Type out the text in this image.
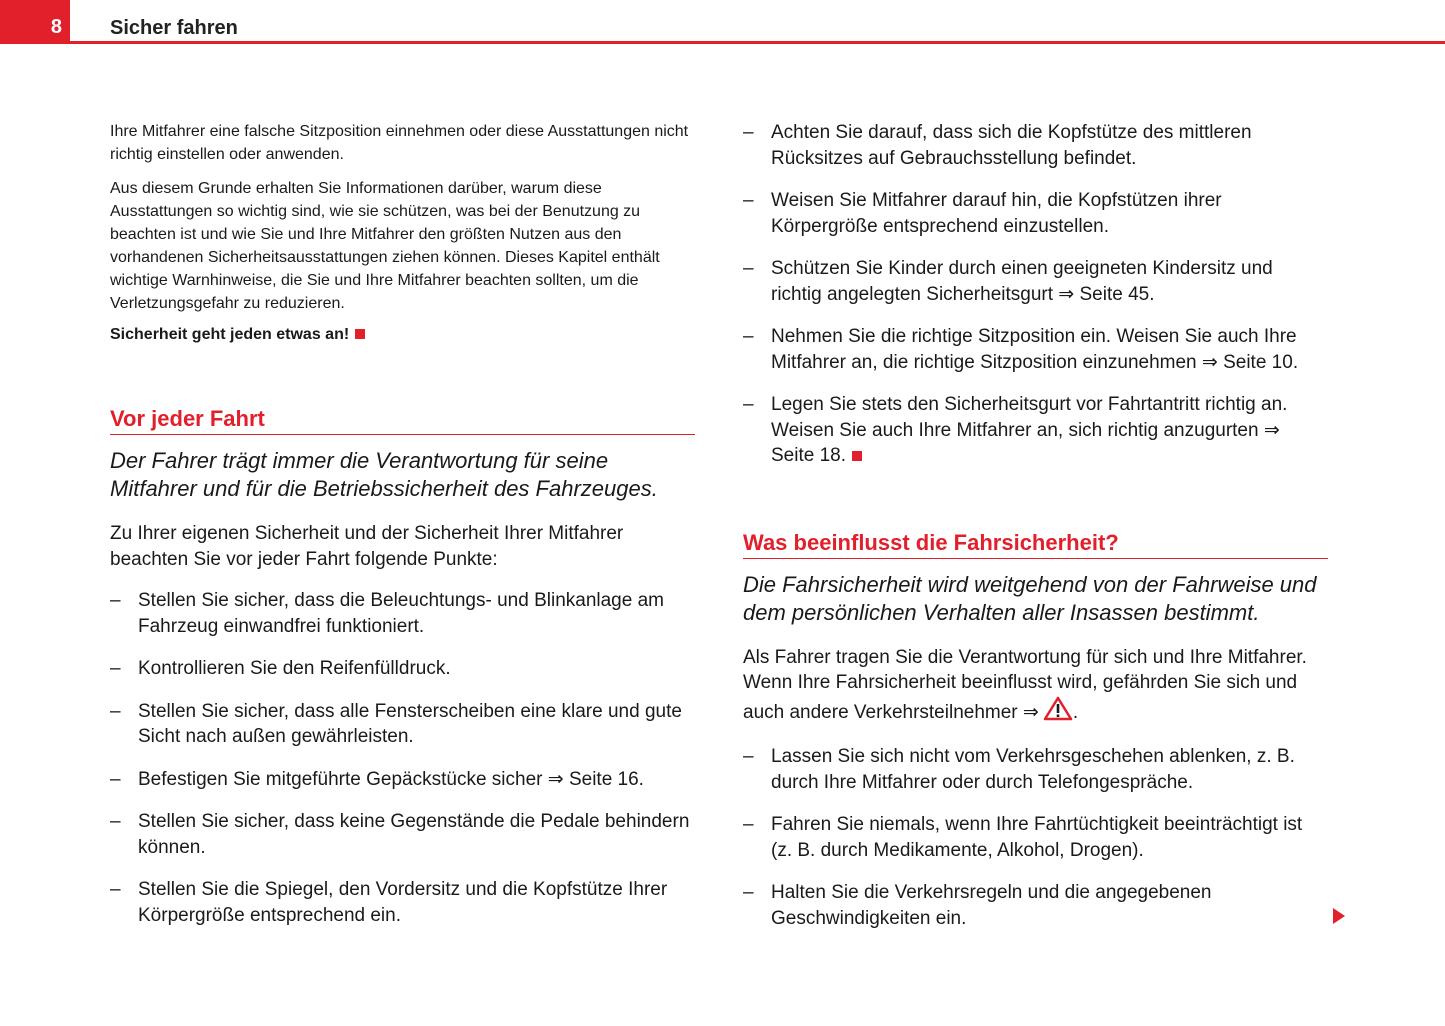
8 Sicher fahren

Ihre Mitfahrer eine falsche Sitzposition einnehmen oder diese Ausstattungen nicht richtig einstellen oder anwenden.

Aus diesem Grunde erhalten Sie Informationen darüber, warum diese Ausstattungen so wichtig sind, wie sie schützen, was bei der Benutzung zu beachten ist und wie Sie und Ihre Mitfahrer den größten Nutzen aus den vorhandenen Sicherheitsausstattungen ziehen können. Dieses Kapitel enthält wichtige Warnhinweise, die Sie und Ihre Mitfahrer beachten sollten, um die Verletzungsgefahr zu reduzieren.

Sicherheit geht jeden etwas an!

Vor jeder Fahrt

Der Fahrer trägt immer die Verantwortung für seine Mitfahrer und für die Betriebssicherheit des Fahrzeuges.

Zu Ihrer eigenen Sicherheit und der Sicherheit Ihrer Mitfahrer beachten Sie vor jeder Fahrt folgende Punkte:

– Stellen Sie sicher, dass die Beleuchtungs- und Blinkanlage am Fahrzeug einwandfrei funktioniert.
– Kontrollieren Sie den Reifenfülldruck.
– Stellen Sie sicher, dass alle Fensterscheiben eine klare und gute Sicht nach außen gewährleisten.
– Befestigen Sie mitgeführte Gepäckstücke sicher ⇒ Seite 16.
– Stellen Sie sicher, dass keine Gegenstände die Pedale behindern können.
– Stellen Sie die Spiegel, den Vordersitz und die Kopfstütze Ihrer Körpergröße entsprechend ein.
– Achten Sie darauf, dass sich die Kopfstütze des mittleren Rücksitzes auf Gebrauchsstellung befindet.
– Weisen Sie Mitfahrer darauf hin, die Kopfstützen ihrer Körpergröße entsprechend einzustellen.
– Schützen Sie Kinder durch einen geeigneten Kindersitz und richtig angelegten Sicherheitsgurt ⇒ Seite 45.
– Nehmen Sie die richtige Sitzposition ein. Weisen Sie auch Ihre Mitfahrer an, die richtige Sitzposition einzunehmen ⇒ Seite 10.
– Legen Sie stets den Sicherheitsgurt vor Fahrtantritt richtig an. Weisen Sie auch Ihre Mitfahrer an, sich richtig anzugurten ⇒ Seite 18.
Was beeinflusst die Fahrsicherheit?

Die Fahrsicherheit wird weitgehend von der Fahrweise und dem persönlichen Verhalten aller Insassen bestimmt.

Als Fahrer tragen Sie die Verantwortung für sich und Ihre Mitfahrer. Wenn Ihre Fahrsicherheit beeinflusst wird, gefährden Sie sich und auch andere Verkehrsteilnehmer ⇒ .

– Lassen Sie sich nicht vom Verkehrsgeschehen ablenken, z. B. durch Ihre Mitfahrer oder durch Telefongespräche.
– Fahren Sie niemals, wenn Ihre Fahrtüchtigkeit beeinträchtigt ist (z. B. durch Medikamente, Alkohol, Drogen).
– Halten Sie die Verkehrsregeln und die angegebenen Geschwindigkeiten ein.
